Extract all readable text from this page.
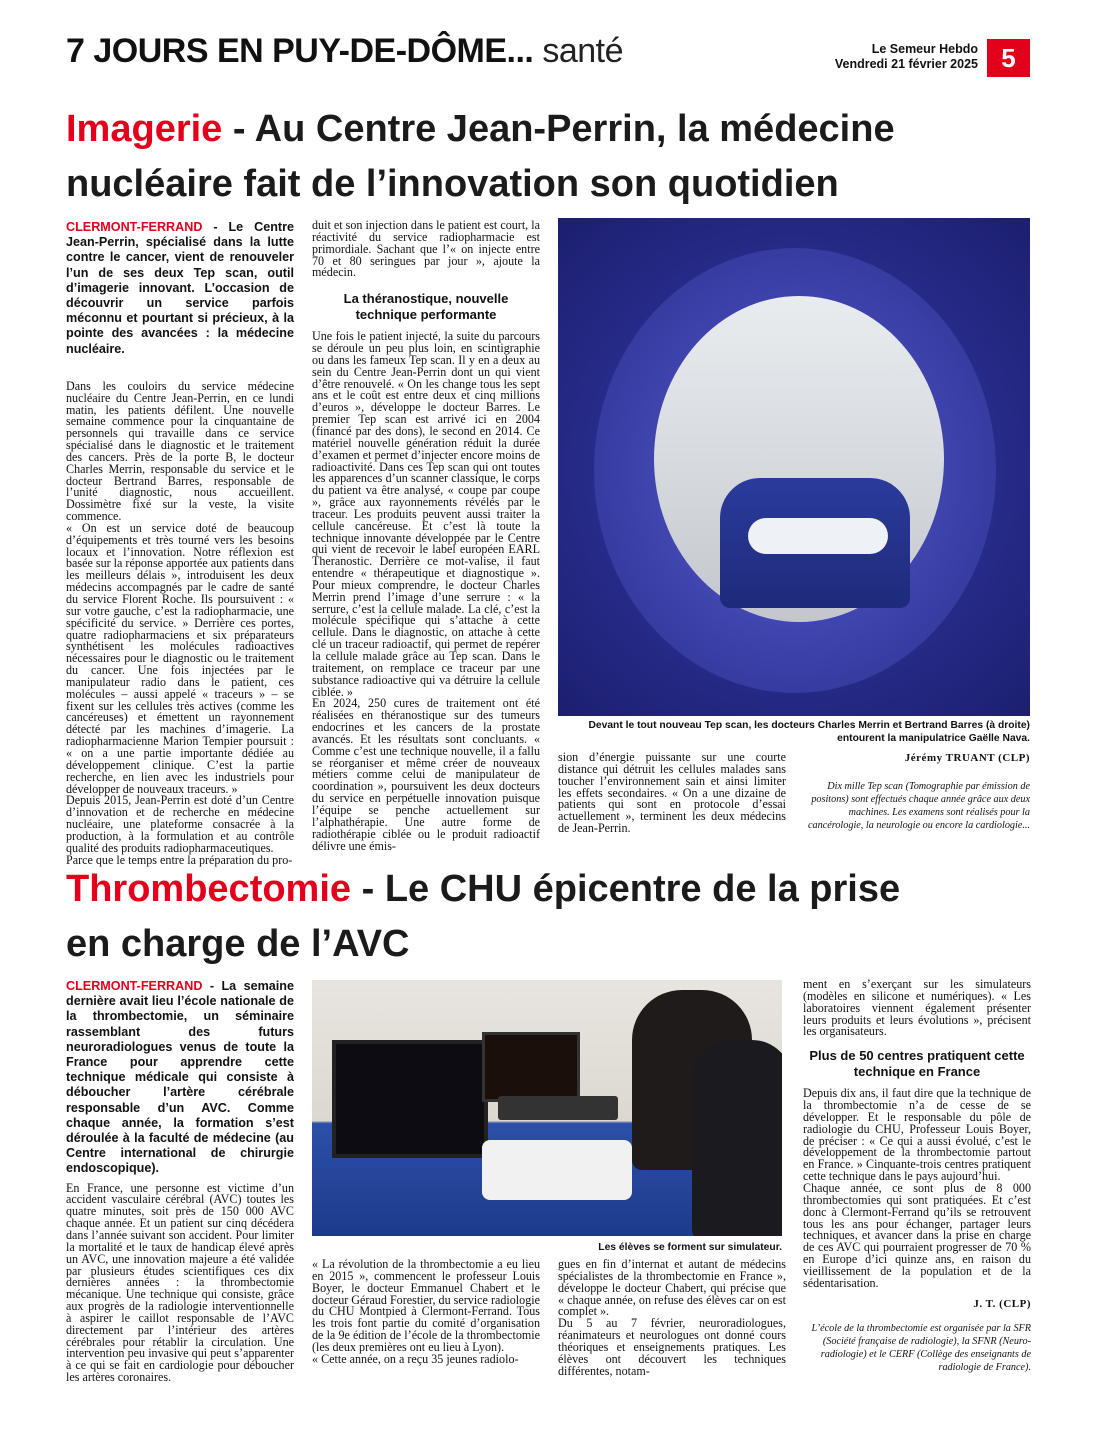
7 JOURS EN PUY-DE-DÔME... santé	Le Semeur Hebdo
Vendredi 21 février 2025 5
Imagerie - Au Centre Jean-Perrin, la médecine
nucléaire fait de l’innovation son quotidien
CLERMONT-FERRAND - Le Centre Jean-Perrin, spécialisé dans la lutte contre le cancer, vient de renouveler l’un de ses deux Tep scan, outil d’imagerie innovant. L’occasion de découvrir un service parfois méconnu et pourtant si précieux, à la pointe des avancées : la médecine nucléaire.

Dans les couloirs du service médecine nucléaire du Centre Jean-Perrin, en ce lundi matin, les patients défilent. Une nouvelle semaine commence pour la cinquantaine de personnels qui travaille dans ce service spécialisé dans le diagnostic et le traitement des cancers. Près de la porte B, le docteur Charles Merrin, responsable du service et le docteur Bertrand Barres, responsable de l’unité diagnostic, nous accueillent. Dossimètre fixé sur la veste, la visite commence.

« On est un service doté de beaucoup d’équipements et très tourné vers les besoins locaux et l’innovation. Notre réflexion est basée sur la réponse apportée aux patients dans les meilleurs délais », introduisent les deux médecins accompagnés par le cadre de santé du service Florent Roche. Ils poursuivent : « sur votre gauche, c’est la radiopharmacie, une spécificité du service. » Derrière ces portes, quatre radiopharmaciens et six préparateurs synthétisent les molécules radioactives nécessaires pour le diagnostic ou le traitement du cancer. Une fois injectées par le manipulateur radio dans le patient, ces molécules – aussi appelé « traceurs » – se fixent sur les cellules très actives (comme les cancéreuses) et émettent un rayonnement détecté par les machines d’imagerie. La radiopharmacienne Marion Tempier poursuit : « on a une partie importante dédiée au développement clinique. C’est la partie recherche, en lien avec les industriels pour développer de nouveaux traceurs. »

Depuis 2015, Jean-Perrin est doté d’un Centre d’innovation et de recherche en médecine nucléaire, une plateforme consacrée à la production, à la formulation et au contrôle qualité des produits radiopharmaceutiques.

Parce que le temps entre la préparation du pro-

duit et son injection dans le patient est court, la réactivité du service radiopharmacie est primordiale. Sachant que l’« on injecte entre 70 et 80 seringues par jour », ajoute la médecin.

La théranostique, nouvelle technique performante

Une fois le patient injecté, la suite du parcours se déroule un peu plus loin, en scintigraphie ou dans les fameux Tep scan. Il y en a deux au sein du Centre Jean-Perrin dont un qui vient d’être renouvelé. « On les change tous les sept ans et le coût est entre deux et cinq millions d’euros », développe le docteur Barres. Le premier Tep scan est arrivé ici en 2004 (financé par des dons), le second en 2014. Ce matériel nouvelle génération réduit la durée d’examen et permet d’injecter encore moins de radioactivité. Dans ces Tep scan qui ont toutes les apparences d’un scanner classique, le corps du patient va être analysé, « coupe par coupe », grâce aux rayonnements révélés par le traceur. Les produits peuvent aussi traiter la cellule cancéreuse. Et c’est là toute la technique innovante développée par le Centre qui vient de recevoir le label européen EARL Theranostic. Derrière ce mot-valise, il faut entendre « thérapeutique et diagnostique ». Pour mieux comprendre, le docteur Charles Merrin prend l’image d’une serrure : « la serrure, c’est la cellule malade. La clé, c’est la molécule spécifique qui s’attache à cette cellule. Dans le diagnostic, on attache à cette clé un traceur radioactif, qui permet de repérer la cellule malade grâce au Tep scan. Dans le traitement, on remplace ce traceur par une substance radioactive qui va détruire la cellule ciblée. »

En 2024, 250 cures de traitement ont été réalisées en théranostique sur des tumeurs endocrines et les cancers de la prostate avancés. Et les résultats sont concluants. « Comme c’est une technique nouvelle, il a fallu se réorganiser et même créer de nouveaux métiers comme celui de manipulateur de coordination », poursuivent les deux docteurs du service en perpétuelle innovation puisque l’équipe se penche actuellement sur l’alphathérapie. Une autre forme de radiothérapie ciblée ou le produit radioactif délivre une émis-

Devant le tout nouveau Tep scan, les docteurs Charles Merrin et Bertrand Barres (à droite)
entourent la manipulatrice Gaëlle Nava.

sion d’énergie puissante sur une courte distance qui détruit les cellules malades sans toucher l’environnement sain et ainsi limiter les effets secondaires. « On a une dizaine de patients qui sont en protocole d’essai actuellement », terminent les deux médecins de Jean-Perrin.

Jérémy TRUANT (CLP)
Dix mille Tep scan (Tomographie par émission de positons) sont effectués chaque année grâce aux deux machines. Les examens sont réalisés pour la cancérologie, la neurologie ou encore la cardiologie...
Thrombectomie - Le CHU épicentre de la prise
en charge de l’AVC
CLERMONT-FERRAND - La semaine dernière avait lieu l’école nationale de la thrombectomie, un séminaire rassemblant des futurs neuroradiologues venus de toute la France pour apprendre cette technique médicale qui consiste à déboucher l’artère cérébrale responsable d’un AVC. Comme chaque année, la formation s’est déroulée à la faculté de médecine (au Centre international de chirurgie endoscopique).

En France, une personne est victime d’un accident vasculaire cérébral (AVC) toutes les quatre minutes, soit près de 150 000 AVC chaque année. Et un patient sur cinq décédera dans l’année suivant son accident. Pour limiter la mortalité et le taux de handicap élevé après un AVC, une innovation majeure a été validée par plusieurs études scientifiques ces dix dernières années : la thrombectomie mécanique. Une technique qui consiste, grâce aux progrès de la radiologie interventionnelle à aspirer le caillot responsable de l’AVC directement par l’intérieur des artères cérébrales pour rétablir la circulation. Une intervention peu invasive qui peut s’apparenter à ce qui se fait en cardiologie pour déboucher les artères coronaires.

Les élèves se forment sur simulateur.

« La révolution de la thrombectomie a eu lieu en 2015 », commencent le professeur Louis Boyer, le docteur Emmanuel Chabert et le docteur Géraud Forestier, du service radiologie du CHU Montpied à Clermont-Ferrand. Tous les trois font partie du comité d’organisation de la 9e édition de l’école de la thrombectomie (les deux premières ont eu lieu à Lyon).

« Cette année, on a reçu 35 jeunes radiolo-

gues en fin d’internat et autant de médecins spécialistes de la thrombectomie en France », développe le docteur Chabert, qui précise que « chaque année, on refuse des élèves car on est complet ».

Du 5 au 7 février, neuroradiologues, réanimateurs et neurologues ont donné cours théoriques et enseignements pratiques. Les élèves ont découvert les techniques différentes, notam-

ment en s’exerçant sur les simulateurs (modèles en silicone et numériques). « Les laboratoires viennent également présenter leurs produits et leurs évolutions », précisent les organisateurs.

Plus de 50 centres pratiquent cette technique en France

Depuis dix ans, il faut dire que la technique de la thrombectomie n’a de cesse de se développer. Et le responsable du pôle de radiologie du CHU, Professeur Louis Boyer, de préciser : « Ce qui a aussi évolué, c’est le développement de la thrombectomie partout en France. » Cinquante-trois centres pratiquent cette technique dans le pays aujourd’hui.

Chaque année, ce sont plus de 8 000 thrombectomies qui sont pratiquées. Et c’est donc à Clermont-Ferrand qu’ils se retrouvent tous les ans pour échanger, partager leurs techniques, et avancer dans la prise en charge de ces AVC qui pourraient progresser de 70 % en Europe d’ici quinze ans, en raison du vieillissement de la population et de la sédentarisation.

J. T. (CLP)
L’école de la thrombectomie est organisée par la SFR (Société française de radiologie), la SFNR (Neuro-radiologie) et le CERF (Collège des enseignants de radiologie de France).
